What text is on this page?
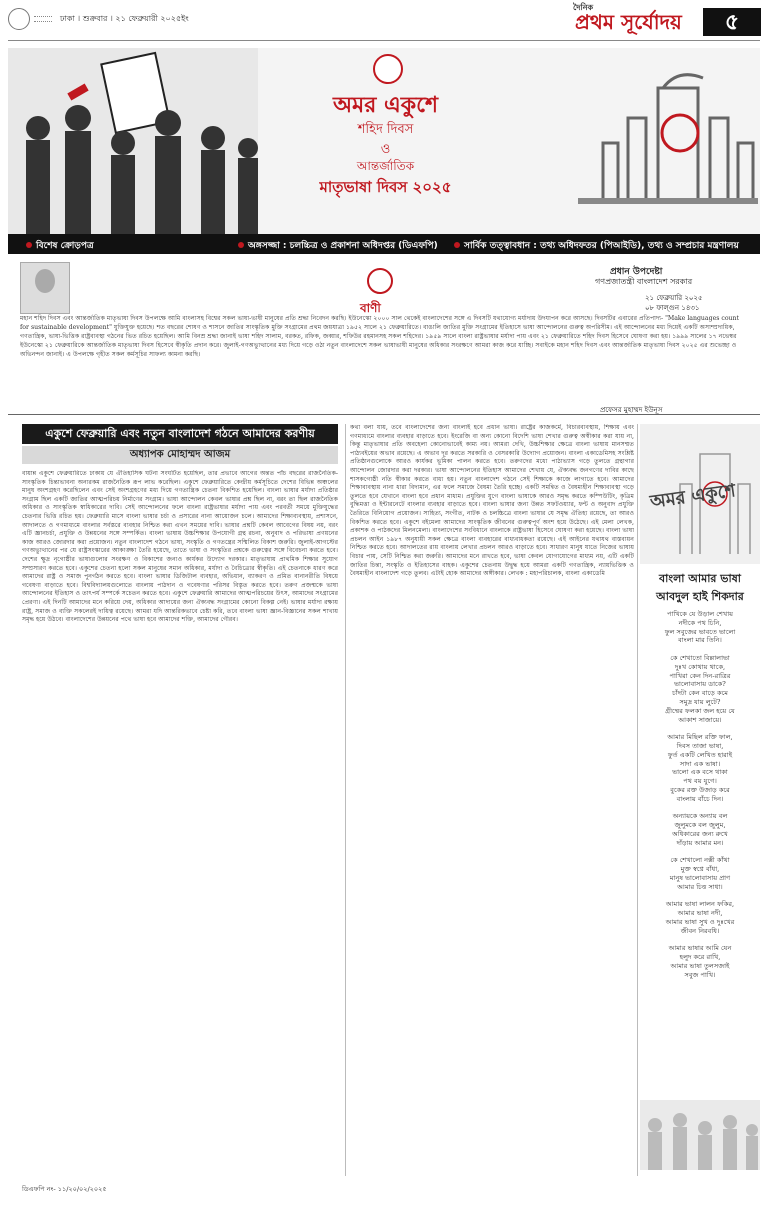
ঢাকা । শুক্রবার । ২১ ফেব্রুয়ারী ২০২৫ইং
দৈনিক
প্রথম সূর্যোদয়	৫
অমর একুশে
শহিদ দিবস
ও
আন্তর্জাতিক
মাতৃভাষা দিবস ২০২৫
বিশেষ ক্রোড়পত্র	অঙ্গসজ্জা : চলচ্চিত্র ও প্রকাশনা অধিদপ্তর (ডিএফপি)	সার্বিক তত্ত্বাবধান : তথ্য অধিদফতর (পিআইডি), তথ্য ও সম্প্রচার মন্ত্রণালয়
বাণী
প্রধান উপদেষ্টা
গণপ্রজাতন্ত্রী বাংলাদেশ সরকার
২১ ফেব্রুয়ারি ২০২৫
০৮ ফাল্গুন ১৪৩১
মহান শহিদ দিবস এবং আন্তর্জাতিক মাতৃভাষা দিবস উপলক্ষে আমি বাংলাসহ বিশ্বের সকল ভাষা-ভাষী মানুষের প্রতি শ্রদ্ধা নিবেদন করছি। ইউনেস্কো ২০০০ সাল থেকেই বাংলাদেশের সঙ্গে এ দিবসটি যথাযোগ্য মর্যাদায় উদযাপন করে আসছে। দিবসটির এবারের প্রতিপাদ্য- "Make languages count for sustainable development" যুক্তিযুক্ত হয়েছে। শত বছরের শোষণ ও শাসনে জাতির সাংস্কৃতিক মুক্তি সংগ্রামের প্রথম জয়যাত্রা ১৯৫২ সালে ২১ ফেব্রুয়ারিতে। বাঙালি জাতির মুক্তি সংগ্রামের ইতিহাসে ভাষা আন্দোলনের গুরুত্ব অপরিসীম। এই আন্দোলনের মধ্য দিয়েই একটি অসাম্প্রদায়িক, গণতান্ত্রিক, ভাষা-ভিত্তিক রাষ্ট্রব্যবস্থা গঠনের ভিত রচিত হয়েছিল। আমি বিনম্র শ্রদ্ধা জানাই ভাষা শহিদ সালাম, বরকত, রফিক, জব্বার, শফিউর রহমানসহ সকল শহিদের। ১৯৫৯ সালে বাংলা রাষ্ট্রভাষার মর্যাদা পায় এবং ২১ ফেব্রুয়ারিতে শহিদ দিবস হিসেবে ঘোষণা করা হয়। ১৯৯৯ সালের ১৭ নভেম্বর ইউনেস্কো ২১ ফেব্রুয়ারিকে আন্তর্জাতিক মাতৃভাষা দিবস হিসেবে স্বীকৃতি প্রদান করে। জুলাই-গণঅভ্যুত্থানের মধ্য দিয়ে গড়ে ওঠা নতুন বাংলাদেশে সকল ভাষাভাষী মানুষের অধিকার সংরক্ষণে আমরা কাজ করে যাচ্ছি। সবাইকে মহান শহিদ দিবস এবং আন্তর্জাতিক মাতৃভাষা দিবস ২০২৫ এর শুভেচ্ছা ও অভিনন্দন জানাই। এ উপলক্ষে গৃহীত সকল কর্মসূচির সাফল্য কামনা করছি।
প্রফেসর মুহাম্মদ ইউনূস
একুশে ফেব্রুয়ারি এবং নতুন বাংলাদেশ গঠনে আমাদের করণীয়
অধ্যাপক মোহাম্মদ আজম
বায়ান্ন একুশে ফেব্রুয়ারিতে ঢাকায় যে ঐতিহাসিক ঘটনা সংঘটিত হয়েছিল, তার প্রভাবে আগের অন্তত পাঁচ বছরের রাজনৈতিক-সাংস্কৃতিক চিন্তাভাবনা অন্যরকম রাজনৈতিক রূপ লাভ করেছিল। একুশে ফেব্রুয়ারিতে কেন্দ্রীয় কর্মসূচিতে দেশের বিভিন্ন অঞ্চলের মানুষ অংশগ্রহণ করেছিলেন এবং সেই অংশগ্রহণের মধ্য দিয়ে গণতান্ত্রিক চেতনা বিকশিত হয়েছিল। বাংলা ভাষার মর্যাদা প্রতিষ্ঠার সংগ্রাম ছিল একটি জাতির আত্মপরিচয় নির্মাণের সংগ্রাম। ভাষা আন্দোলন কেবল ভাষার প্রশ্ন ছিল না, বরং তা ছিল রাজনৈতিক অধিকার ও সাংস্কৃতিক স্বাধিকারের দাবি। সেই আন্দোলনের ফলে বাংলা রাষ্ট্রভাষার মর্যাদা পায় এবং পরবর্তী সময়ে মুক্তিযুদ্ধের চেতনার ভিত্তি রচিত হয়। ফেব্রুয়ারি মাসে বাংলা ভাষার চর্চা ও প্রসারের নানা আয়োজন চলে। আমাদের শিক্ষাব্যবস্থায়, প্রশাসনে, আদালতে ও গণমাধ্যমে বাংলার সর্বস্তরে ব্যবহার নিশ্চিত করা এখন সময়ের দাবি। ভাষার প্রশ্নটি কেবল আবেগের বিষয় নয়, বরং এটি জ্ঞানচর্চা, প্রযুক্তি ও উন্নয়নের সঙ্গে সম্পর্কিত। বাংলা ভাষায় উচ্চশিক্ষার উপযোগী গ্রন্থ রচনা, অনুবাদ ও পরিভাষা প্রণয়নের কাজ আরও জোরদার করা প্রয়োজন। নতুন বাংলাদেশ গঠনে ভাষা, সংস্কৃতি ও গণতন্ত্রের সম্মিলিত বিকাশ জরুরি। জুলাই-আগস্টের গণঅভ্যুত্থানের পর যে রাষ্ট্রসংস্কারের আকাঙ্ক্ষা তৈরি হয়েছে, তাতে ভাষা ও সংস্কৃতির প্রশ্নকে গুরুত্বের সঙ্গে বিবেচনা করতে হবে। দেশের ক্ষুদ্র নৃগোষ্ঠীর ভাষাগুলোর সংরক্ষণ ও বিকাশের জন্যও কার্যকর উদ্যোগ দরকার। মাতৃভাষায় প্রাথমিক শিক্ষার সুযোগ সম্প্রসারণ করতে হবে। একুশের চেতনা হলো সকল মানুষের সমান অধিকার, মর্যাদা ও বৈচিত্র্যের স্বীকৃতি। এই চেতনাকে ধারণ করে আমাদের রাষ্ট্র ও সমাজ পুনর্গঠন করতে হবে। বাংলা ভাষার ডিজিটাল ব্যবহার, অভিধান, ব্যাকরণ ও প্রমিত বানানরীতি বিষয়ে গবেষণা বাড়াতে হবে। বিশ্ববিদ্যালয়গুলোতে বাংলায় পাঠদান ও গবেষণার পরিসর বিস্তৃত করতে হবে। তরুণ প্রজন্মকে ভাষা আন্দোলনের ইতিহাস ও তাৎপর্য সম্পর্কে সচেতন করতে হবে। একুশে ফেব্রুয়ারি আমাদের আত্মপরিচয়ের উৎস, আমাদের সংগ্রামের প্রেরণা। এই দিনটি আমাদের মনে করিয়ে দেয়, অধিকার আদায়ের জন্য ঐক্যবদ্ধ সংগ্রামের কোনো বিকল্প নেই। ভাষার মর্যাদা রক্ষায় রাষ্ট্র, সমাজ ও ব্যক্তি সকলেরই দায়িত্ব রয়েছে। আমরা যদি আন্তরিকভাবে চেষ্টা করি, তবে বাংলা ভাষা জ্ঞান-বিজ্ঞানের সকল শাখায় সমৃদ্ধ হয়ে উঠবে। বাংলাদেশের উন্নয়নের পথে ভাষা হবে আমাদের শক্তি, আমাদের গৌরব।
কথা বলা যায়, তবে বাংলাদেশের জন্য বাংলাই হবে প্রধান ভাষা। রাষ্ট্রের কাজকর্মে, বিচারব্যবস্থায়, শিক্ষায় এবং গণমাধ্যমে বাংলার ব্যবহার বাড়াতে হবে। ইংরেজি বা অন্য কোনো বিদেশি ভাষা শেখার গুরুত্ব অস্বীকার করা যায় না, কিন্তু মাতৃভাষার প্রতি অবহেলা কোনোভাবেই কাম্য নয়। আমরা দেখি, উচ্চশিক্ষার ক্ষেত্রে বাংলা ভাষায় মানসম্মত পাঠ্যবইয়ের অভাব রয়েছে। এ অভাব দূর করতে সরকারি ও বেসরকারি উদ্যোগ প্রয়োজন। বাংলা একাডেমিসহ সংশ্লিষ্ট প্রতিষ্ঠানগুলোকে আরও কার্যকর ভূমিকা পালন করতে হবে। তরুণদের মধ্যে পাঠাভ্যাস গড়ে তুলতে গ্রন্থাগার আন্দোলন জোরদার করা দরকার। ভাষা আন্দোলনের ইতিহাস আমাদের শেখায় যে, ঐক্যবদ্ধ জনগণের দাবির কাছে শাসকগোষ্ঠী নতি স্বীকার করতে বাধ্য হয়। নতুন বাংলাদেশ গঠনে সেই শিক্ষাকে কাজে লাগাতে হবে। আমাদের শিক্ষাব্যবস্থায় নানা ধারা বিদ্যমান, এর ফলে সমাজে বৈষম্য তৈরি হচ্ছে। একটি সমন্বিত ও বৈষম্যহীন শিক্ষাব্যবস্থা গড়ে তুলতে হবে যেখানে বাংলা হবে প্রধান মাধ্যম। প্রযুক্তির যুগে বাংলা ভাষাকে আরও সমৃদ্ধ করতে কম্পিউটিং, কৃত্রিম বুদ্ধিমত্তা ও ইন্টারনেটে বাংলার ব্যবহার বাড়াতে হবে। বাংলা ভাষার জন্য উন্নত সফটওয়্যার, ফন্ট ও অনুবাদ প্রযুক্তি তৈরিতে বিনিয়োগ প্রয়োজন। সাহিত্য, সংগীত, নাটক ও চলচ্চিত্রে বাংলা ভাষার যে সমৃদ্ধ ঐতিহ্য রয়েছে, তা আরও বিকশিত করতে হবে। একুশে বইমেলা আমাদের সাংস্কৃতিক জীবনের গুরুত্বপূর্ণ অংশ হয়ে উঠেছে। এই মেলা লেখক, প্রকাশক ও পাঠকদের মিলনমেলা। বাংলাদেশের সংবিধানে বাংলাকে রাষ্ট্রভাষা হিসেবে ঘোষণা করা হয়েছে। বাংলা ভাষা প্রচলন আইন ১৯৮৭ অনুযায়ী সকল ক্ষেত্রে বাংলা ব্যবহারের বাধ্যবাধকতা রয়েছে। এই আইনের যথাযথ বাস্তবায়ন নিশ্চিত করতে হবে। আদালতের রায় বাংলায় লেখার প্রচলন আরও বাড়াতে হবে। সাধারণ মানুষ যাতে নিজের ভাষায় বিচার পায়, সেটি নিশ্চিত করা জরুরি। আমাদের মনে রাখতে হবে, ভাষা কেবল যোগাযোগের মাধ্যম নয়, এটি একটি জাতির চিন্তা, সংস্কৃতি ও ইতিহাসের বাহক। একুশের চেতনায় উদ্বুদ্ধ হয়ে আমরা একটি গণতান্ত্রিক, ন্যায়ভিত্তিক ও বৈষম্যহীন বাংলাদেশ গড়ে তুলব। এটাই হোক আমাদের অঙ্গীকার। লেখক : মহাপরিচালক, বাংলা একাডেমি
অমর একুশে
বাংলা আমার ভাষা
আবদুল হাই শিকদার
পাখিকে যে উড়াল শেখায়
নদীকে পথ চিনি,
ফুল সবুজের ভাবতে ভালো
বাংলা মার তিনি।

কে শেখাতো বিল্লালাভা
দুঃখ কোথায় থাকে,
পাখিরা কেন দিন-রাত্রির
ভালোবাসায় ডাকে?
চাঁদটা কেন বাড়ে কমে
সমুদ্র যায় লুটে?
গ্রীষ্মের ফলকা জল হয়ে যে
আকাশ সাজায়ে।

আমার মিছিল রক্তি ফাল,
দিবস তাজা ভাষা,
ফুর্ত একটি লেখিত হারাই
সাদা এক ভাষা।
ভালো এক বসে থাকা
পথ বয় যুগে।
বুকের রক্ত উজাড় করে
বাংলায় বাঁচে দিন।

অন্যায়কে অন্যায় বল
জুলুমকে বল জুলুম,
অধিকারের জন্য রুখে
দাঁড়ায় আমার মন।

কে শেখালো নক্সী কাঁথা
মুক্ত স্বপ্নে বাঁধা,
মানুষ ভালোবাসায় প্রাণ
আমার চিত্ত সাধা।

আমার ভাষা লালন ফকির,
আমার ভাষা নদী,
আমার ভাষা সুখ ও দুঃখের
জীবন নিরবধি।

আমার ভাষার আমি যেন
হলুদ করে রাখি,
আমার ভাষা তুলসজাই
সবুজ পাখি।
ডিএফপি নং- ১১/২০/০২/২০২৫
